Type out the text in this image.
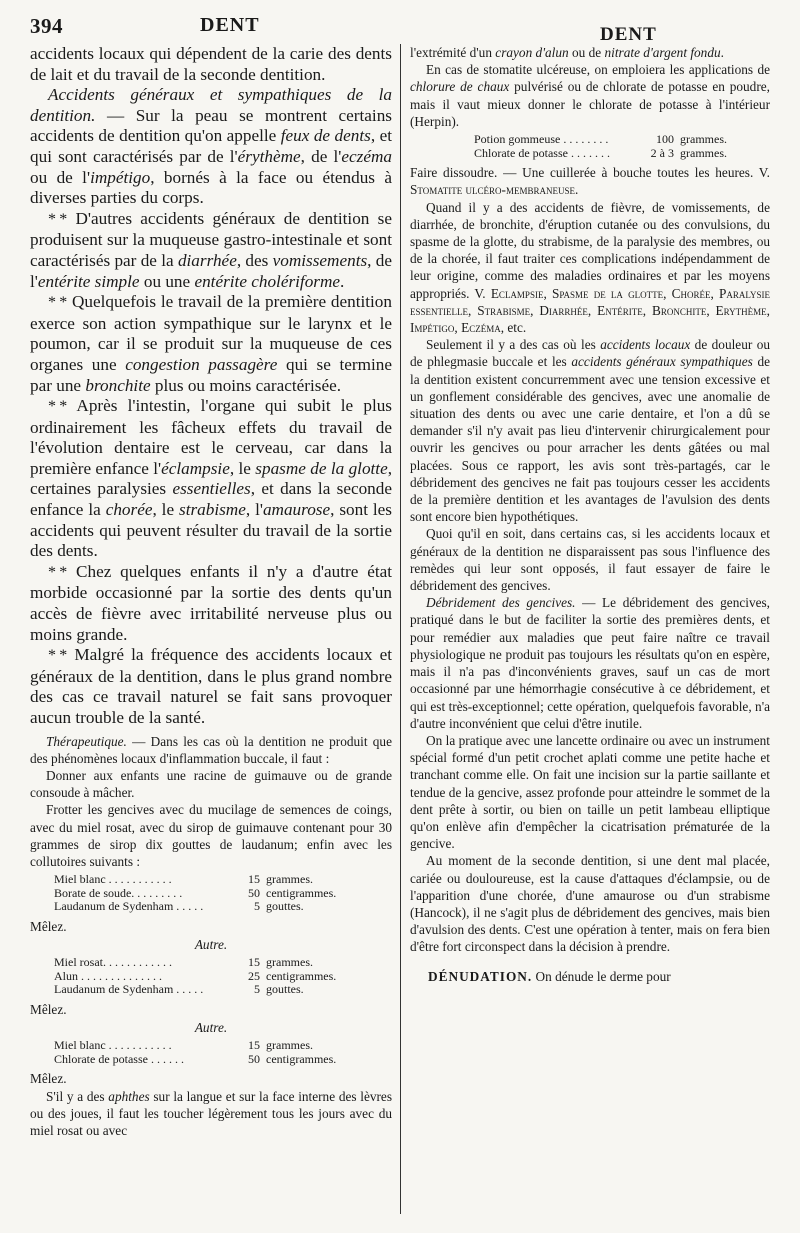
394	DENT	DENT

accidents locaux qui dépendent de la carie des dents de lait et du travail de la seconde dentition.

Accidents généraux et sympathiques de la dentition. — Sur la peau se montrent certains accidents de dentition qu'on appelle feux de dents, et qui sont caractérisés par de l'érythème, de l'eczéma ou de l'impétigo, bornés à la face ou étendus à diverses parties du corps.

* * D'autres accidents généraux de dentition se produisent sur la muqueuse gastro-intestinale et sont caractérisés par de la diarrhée, des vomissements, de l'entérite simple ou une entérite cholériforme.

* * Quelquefois le travail de la première dentition exerce son action sympathique sur le larynx et le poumon, car il se produit sur la muqueuse de ces organes une congestion passagère qui se termine par une bronchite plus ou moins caractérisée.

* * Après l'intestin, l'organe qui subit le plus ordinairement les fâcheux effets du travail de l'évolution dentaire est le cerveau, car dans la première enfance l'éclampsie, le spasme de la glotte, certaines paralysies essentielles, et dans la seconde enfance la chorée, le strabisme, l'amaurose, sont les accidents qui peuvent résulter du travail de la sortie des dents.

* * Chez quelques enfants il n'y a d'autre état morbide occasionné par la sortie des dents qu'un accès de fièvre avec irritabilité nerveuse plus ou moins grande.

* * Malgré la fréquence des accidents locaux et généraux de la dentition, dans le plus grand nombre des cas ce travail naturel se fait sans provoquer aucun trouble de la santé.

Thérapeutique. — Dans les cas où la dentition ne produit que des phénomènes locaux d'inflammation buccale, il faut :

Donner aux enfants une racine de guimauve ou de grande consoude à mâcher.

Frotter les gencives avec du mucilage de semences de coings, avec du miel rosat, avec du sirop de guimauve contenant pour 30 grammes de sirop dix gouttes de laudanum; enfin avec les collutoires suivants :

Miel blanc . . . . . . . . . . .	15 grammes.
Borate de soude. . . . . . . . .	50 centigrammes.
Laudanum de Sydenham . . . . .	5 gouttes.

Mêlez.

Autre.

Miel rosat. . . . . . . . . . . .	15 grammes.
Alun . . . . . . . . . . . . . .	25 centigrammes.
Laudanum de Sydenham . . . . .	5 gouttes.

Mêlez.

Autre.

Miel blanc . . . . . . . . . . .	15 grammes.
Chlorate de potasse . . . . . .	50 centigrammes.

Mêlez.

S'il y a des aphthes sur la langue et sur la face interne des lèvres ou des joues, il faut les toucher légèrement tous les jours avec du miel rosat ou avec

l'extrémité d'un crayon d'alun ou de nitrate d'argent fondu.

En cas de stomatite ulcéreuse, on emploiera les applications de chlorure de chaux pulvérisé ou de chlorate de potasse en poudre, mais il vaut mieux donner le chlorate de potasse à l'intérieur (Herpin).

Potion gommeuse . . . . . . . .	100 grammes.
Chlorate de potasse . . . . . . .	2 à 3 grammes.

Faire dissoudre. — Une cuillerée à bouche toutes les heures. V. Stomatite ulcéro-membraneuse.

Quand il y a des accidents de fièvre, de vomissements, de diarrhée, de bronchite, d'éruption cutanée ou des convulsions, du spasme de la glotte, du strabisme, de la paralysie des membres, ou de la chorée, il faut traiter ces complications indépendamment de leur origine, comme des maladies ordinaires et par les moyens appropriés. V. Eclampsie, Spasme de la glotte, Chorée, Paralysie essentielle, Strabisme, Diarrhée, Entérite, Bronchite, Erythème, Impétigo, Eczéma, etc.

Seulement il y a des cas où les accidents locaux de douleur ou de phlegmasie buccale et les accidents généraux sympathiques de la dentition existent concurremment avec une tension excessive et un gonflement considérable des gencives, avec une anomalie de situation des dents ou avec une carie dentaire, et l'on a dû se demander s'il n'y avait pas lieu d'intervenir chirurgicalement pour ouvrir les gencives ou pour arracher les dents gâtées ou mal placées. Sous ce rapport, les avis sont très-partagés, car le débridement des gencives ne fait pas toujours cesser les accidents de la première dentition et les avantages de l'avulsion des dents sont encore bien hypothétiques.

Quoi qu'il en soit, dans certains cas, si les accidents locaux et généraux de la dentition ne disparaissent pas sous l'influence des remèdes qui leur sont opposés, il faut essayer de faire le débridement des gencives.

Débridement des gencives. — Le débridement des gencives, pratiqué dans le but de faciliter la sortie des premières dents, et pour remédier aux maladies que peut faire naître ce travail physiologique ne produit pas toujours les résultats qu'on en espère, mais il n'a pas d'inconvénients graves, sauf un cas de mort occasionné par une hémorrhagie consécutive à ce débridement, et qui est très-exceptionnel; cette opération, quelquefois favorable, n'a d'autre inconvénient que celui d'être inutile.

On la pratique avec une lancette ordinaire ou avec un instrument spécial formé d'un petit crochet aplati comme une petite hache et tranchant comme elle. On fait une incision sur la partie saillante et tendue de la gencive, assez profonde pour atteindre le sommet de la dent prête à sortir, ou bien on taille un petit lambeau elliptique qu'on enlève afin d'empêcher la cicatrisation prématurée de la gencive.

Au moment de la seconde dentition, si une dent mal placée, cariée ou douloureuse, est la cause d'attaques d'éclampsie, ou de l'apparition d'une chorée, d'une amaurose ou d'un strabisme (Hancock), il ne s'agit plus de débridement des gencives, mais bien d'avulsion des dents. C'est une opération à tenter, mais on fera bien d'être fort circonspect dans la décision à prendre.

DÉNUDATION. On dénude le derme pour
